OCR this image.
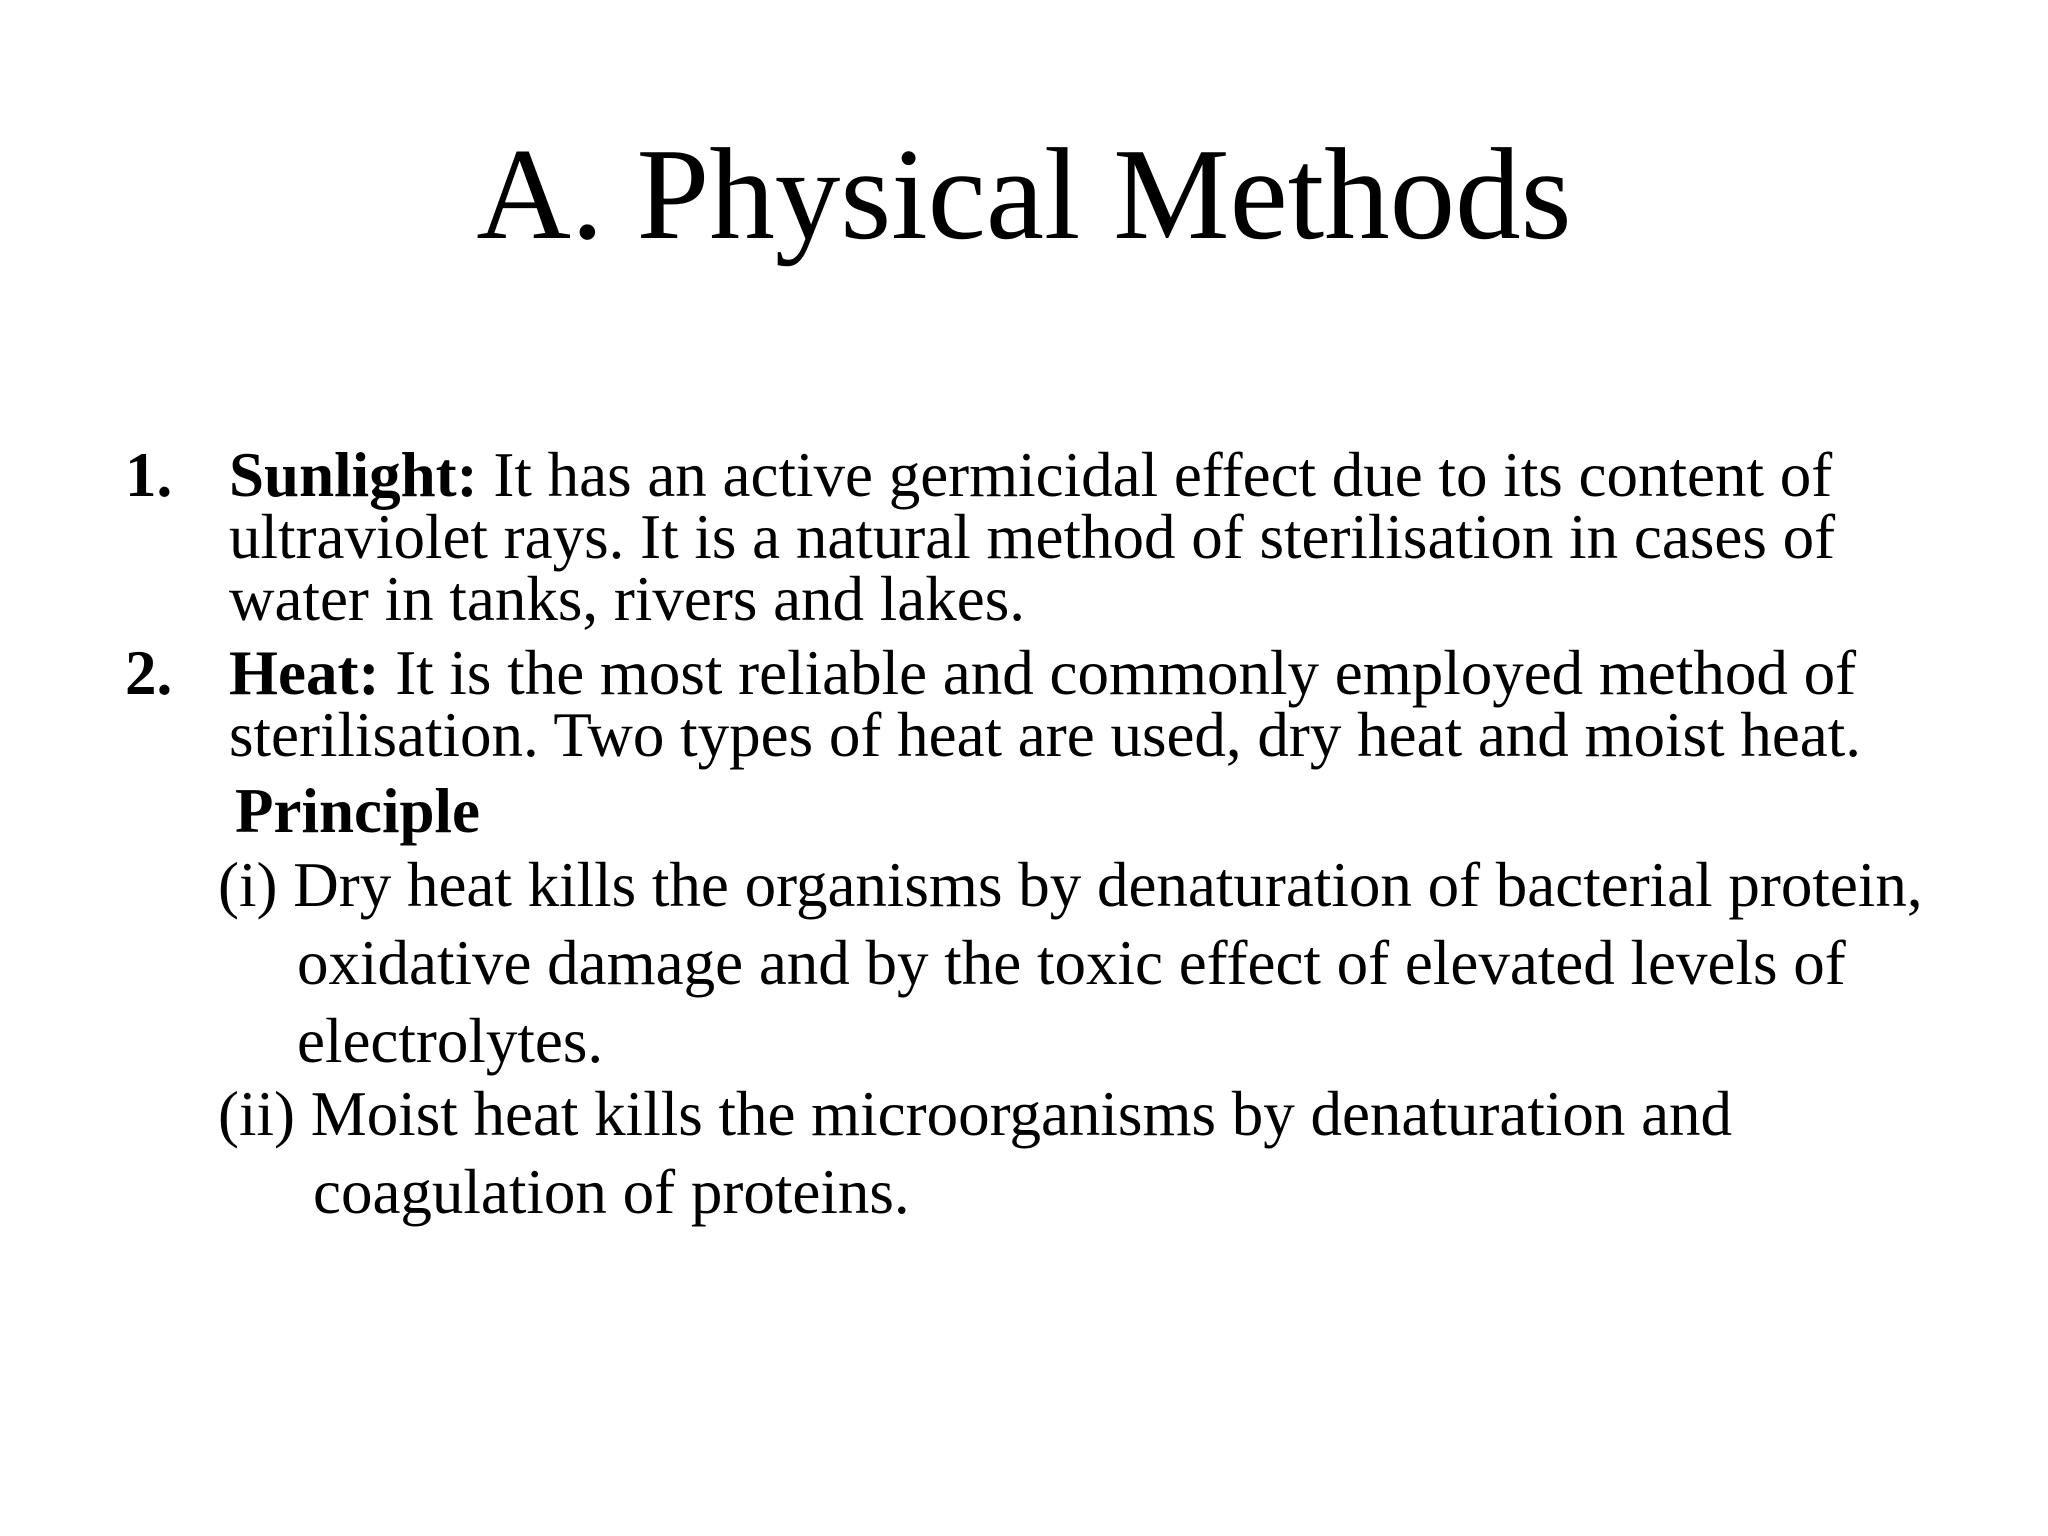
A. Physical Methods
1. Sunlight: It has an active germicidal effect due to its content of
ultraviolet rays. It is a natural method of sterilisation in cases of
water in tanks, rivers and lakes.
2. Heat: It is the most reliable and commonly employed method of
sterilisation. Two types of heat are used, dry heat and moist heat.
Principle
(i) Dry heat kills the organisms by denaturation of bacterial protein,
oxidative damage and by the toxic effect of elevated levels of
electrolytes.
(ii) Moist heat kills the microorganisms by denaturation and
coagulation of proteins.
